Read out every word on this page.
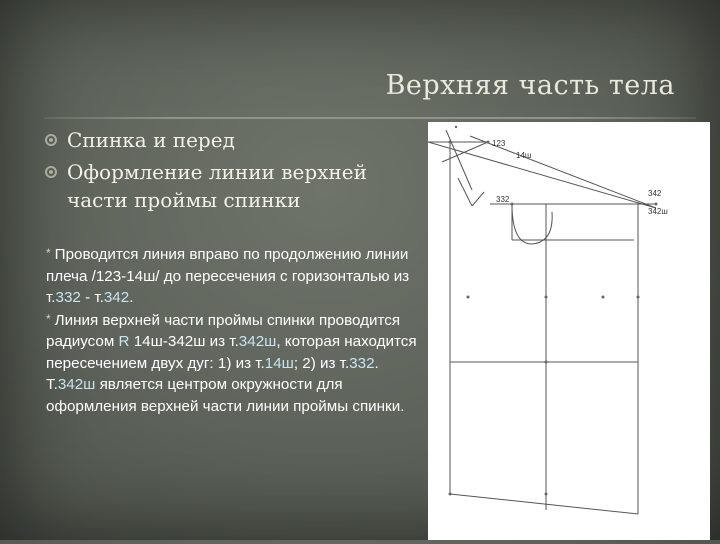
Верхняя часть тела
Спинка и перед
Оформление линии верхней части проймы спинки
* Проводится линия вправо по продолжению линии плеча /123-14ш/ до пересечения с горизонталью из т.332 - т.342.
* Линия верхней части проймы спинки проводится радиусом R 14ш-342ш из т.342ш, которая находится пересечением двух дуг: 1) из т.14ш; 2) из т.332.
Т.342ш является центром окружности для оформления верхней части линии проймы спинки.
123
14ш
342
332
342ш
